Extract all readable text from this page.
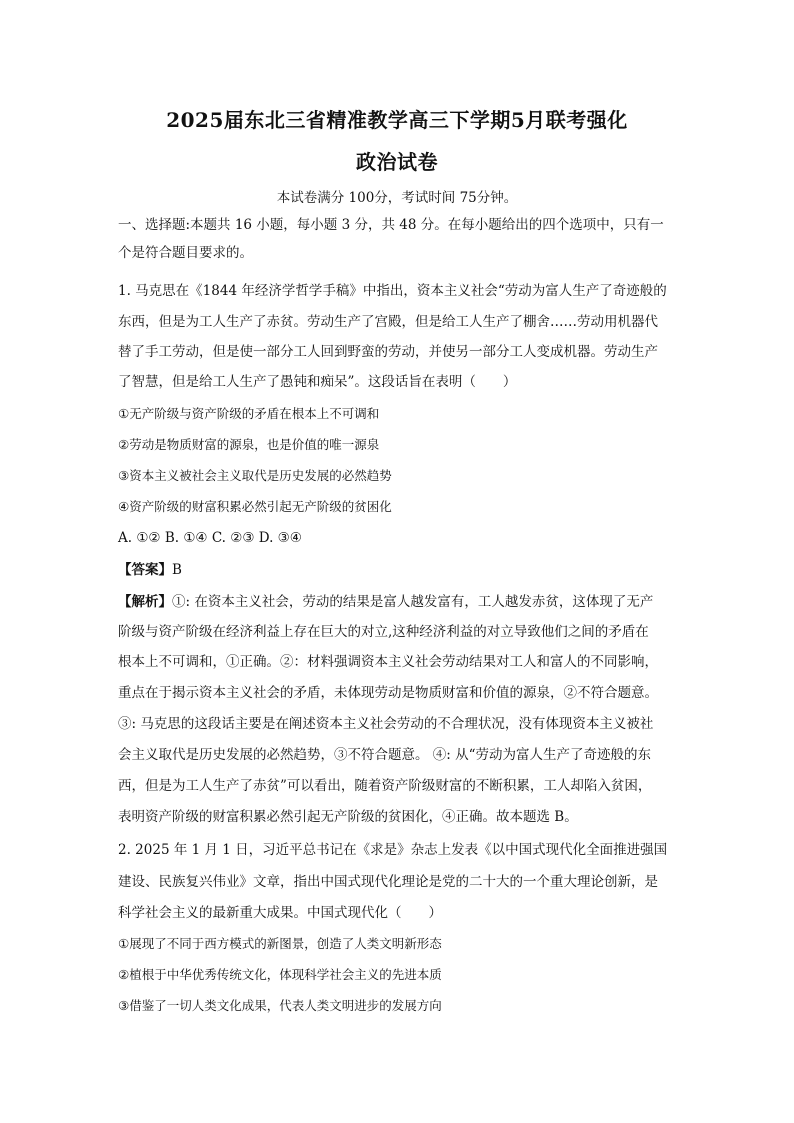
2025届东北三省精准教学高三下学期5月联考强化
政治试卷
本试卷满分 100分，考试时间 75分钟。
一、选择题:本题共 16 小题，每小题 3 分，共 48 分。在每小题给出的四个选项中，只有一
个是符合题目要求的。
1. 马克思在《1844 年经济学哲学手稿》中指出，资本主义社会“劳动为富人生产了奇迹般的
东西，但是为工人生产了赤贫。劳动生产了宫殿，但是给工人生产了棚舍……劳动用机器代
替了手工劳动，但是使一部分工人回到野蛮的劳动，并使另一部分工人变成机器。劳动生产
了智慧，但是给工人生产了愚钝和痴呆”。这段话旨在表明（　　）
①无产阶级与资产阶级的矛盾在根本上不可调和
②劳动是物质财富的源泉，也是价值的唯一源泉
③资本主义被社会主义取代是历史发展的必然趋势
④资产阶级的财富积累必然引起无产阶级的贫困化
A. ①② B. ①④ C. ②③ D. ③④
【答案】B
【解析】①: 在资本主义社会，劳动的结果是富人越发富有，工人越发赤贫，这体现了无产
阶级与资产阶级在经济利益上存在巨大的对立,这种经济利益的对立导致他们之间的矛盾在
根本上不可调和，①正确。②：材料强调资本主义社会劳动结果对工人和富人的不同影响，
重点在于揭示资本主义社会的矛盾，未体现劳动是物质财富和价值的源泉，②不符合题意。
③: 马克思的这段话主要是在阐述资本主义社会劳动的不合理状况，没有体现资本主义被社
会主义取代是历史发展的必然趋势，③不符合题意。 ④: 从“劳动为富人生产了奇迹般的东
西，但是为工人生产了赤贫”可以看出，随着资产阶级财富的不断积累，工人却陷入贫困，
表明资产阶级的财富积累必然引起无产阶级的贫困化，④正确。故本题选 B。
2. 2025 年 1 月 1 日，习近平总书记在《求是》杂志上发表《以中国式现代化全面推进强国
建设、民族复兴伟业》文章，指出中国式现代化理论是党的二十大的一个重大理论创新，是
科学社会主义的最新重大成果。中国式现代化（　　）
①展现了不同于西方模式的新图景，创造了人类文明新形态
②植根于中华优秀传统文化，体现科学社会主义的先进本质
③借鉴了一切人类文化成果，代表人类文明进步的发展方向
